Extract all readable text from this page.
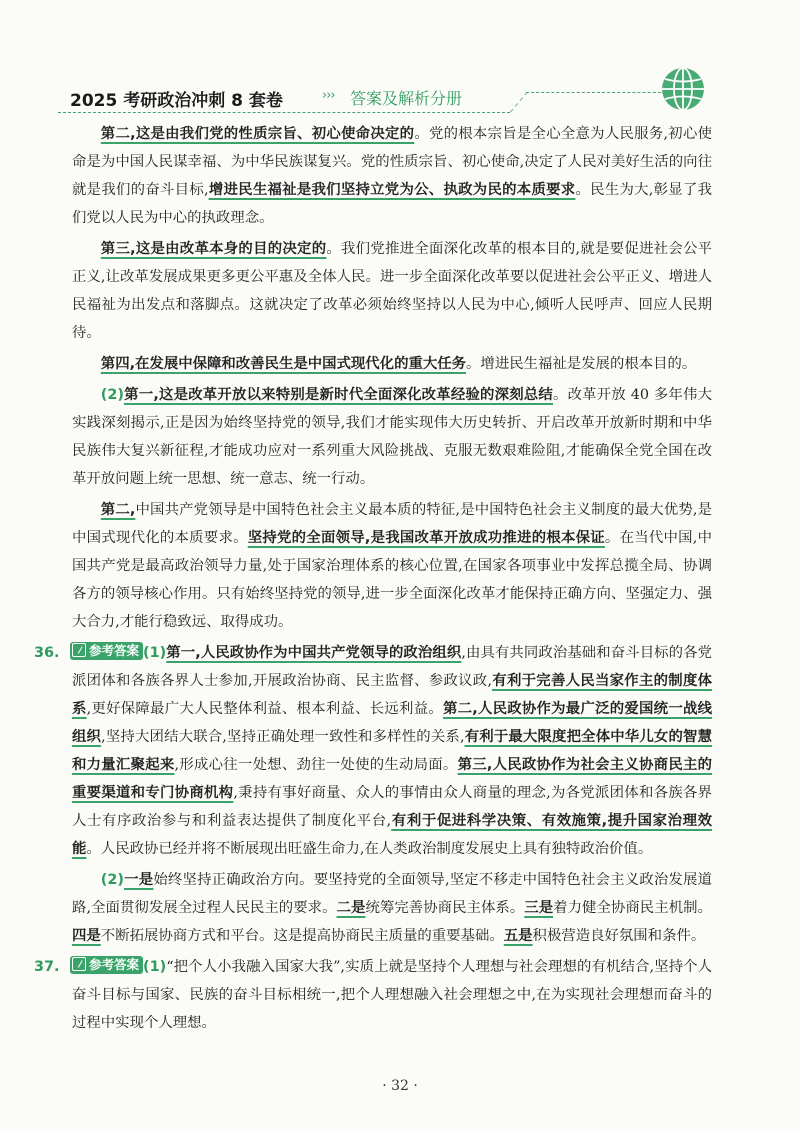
2025 考研政治冲刺 8 套卷	››› 答案及解析分册

第二,这是由我们党的性质宗旨、初心使命决定的。党的根本宗旨是全心全意为人民服务,初心使命是为中国人民谋幸福、为中华民族谋复兴。党的性质宗旨、初心使命,决定了人民对美好生活的向往就是我们的奋斗目标,增进民生福祉是我们坚持立党为公、执政为民的本质要求。民生为大,彰显了我们党以人民为中心的执政理念。

第三,这是由改革本身的目的决定的。我们党推进全面深化改革的根本目的,就是要促进社会公平正义,让改革发展成果更多更公平惠及全体人民。进一步全面深化改革要以促进社会公平正义、增进人民福祉为出发点和落脚点。这就决定了改革必须始终坚持以人民为中心,倾听人民呼声、回应人民期待。

第四,在发展中保障和改善民生是中国式现代化的重大任务。增进民生福祉是发展的根本目的。

(2)第一,这是改革开放以来特别是新时代全面深化改革经验的深刻总结。改革开放 40 多年伟大实践深刻揭示,正是因为始终坚持党的领导,我们才能实现伟大历史转折、开启改革开放新时期和中华民族伟大复兴新征程,才能成功应对一系列重大风险挑战、克服无数艰难险阻,才能确保全党全国在改革开放问题上统一思想、统一意志、统一行动。

第二,中国共产党领导是中国特色社会主义最本质的特征,是中国特色社会主义制度的最大优势,是中国式现代化的本质要求。坚持党的全面领导,是我国改革开放成功推进的根本保证。在当代中国,中国共产党是最高政治领导力量,处于国家治理体系的核心位置,在国家各项事业中发挥总揽全局、协调各方的领导核心作用。只有始终坚持党的领导,进一步全面深化改革才能保持正确方向、坚强定力、强大合力,才能行稳致远、取得成功。

36. 参考答案 (1)第一,人民政协作为中国共产党领导的政治组织,由具有共同政治基础和奋斗目标的各党派团体和各族各界人士参加,开展政治协商、民主监督、参政议政,有利于完善人民当家作主的制度体系,更好保障最广大人民整体利益、根本利益、长远利益。第二,人民政协作为最广泛的爱国统一战线组织,坚持大团结大联合,坚持正确处理一致性和多样性的关系,有利于最大限度把全体中华儿女的智慧和力量汇聚起来,形成心往一处想、劲往一处使的生动局面。第三,人民政协作为社会主义协商民主的重要渠道和专门协商机构,秉持有事好商量、众人的事情由众人商量的理念,为各党派团体和各族各界人士有序政治参与和利益表达提供了制度化平台,有利于促进科学决策、有效施策,提升国家治理效能。人民政协已经并将不断展现出旺盛生命力,在人类政治制度发展史上具有独特政治价值。

(2)一是始终坚持正确政治方向。要坚持党的全面领导,坚定不移走中国特色社会主义政治发展道路,全面贯彻发展全过程人民民主的要求。二是统筹完善协商民主体系。三是着力健全协商民主机制。四是不断拓展协商方式和平台。这是提高协商民主质量的重要基础。五是积极营造良好氛围和条件。

37. 参考答案 (1)“把个人小我融入国家大我”,实质上就是坚持个人理想与社会理想的有机结合,坚持个人奋斗目标与国家、民族的奋斗目标相统一,把个人理想融入社会理想之中,在为实现社会理想而奋斗的过程中实现个人理想。

· 32 ·
